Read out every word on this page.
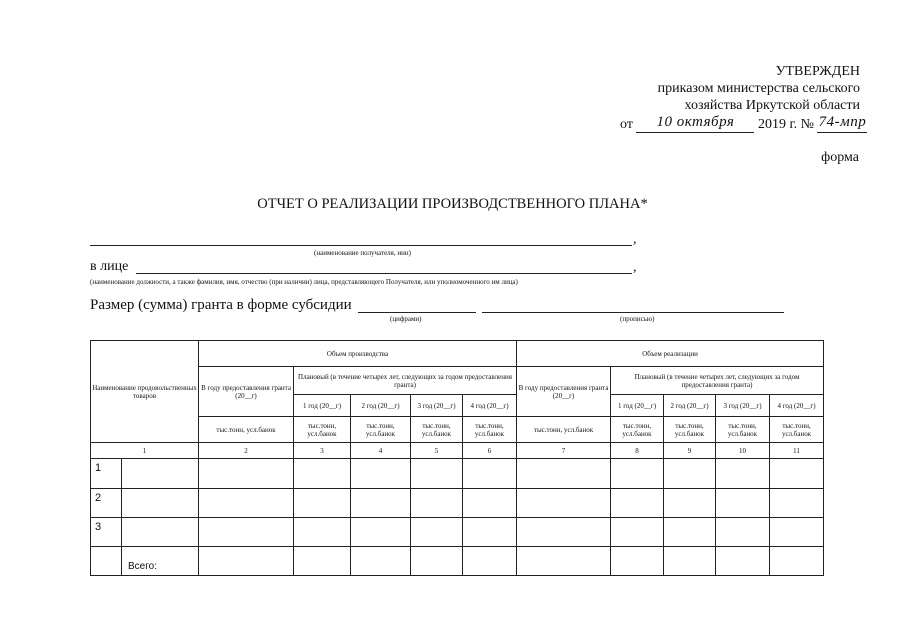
УТВЕРЖДЕН
приказом министерства сельского
хозяйства Иркутской области
от 10 октября 2019 г. № 74-мпр
форма
ОТЧЕТ О РЕАЛИЗАЦИИ ПРОИЗВОДСТВЕННОГО ПЛАНА*
,
(наименование получателя, инн)
в лице	,
(наименование должности, а также фамилия, имя, отчество (при наличии) лица, представляющего Получателя, или уполномоченного им лица)
Размер (сумма) гранта в форме субсидии
(цифрами)	(прописью)
Наименование продовольственных товаров		Объем производства					Объем реализации				
		В году предоставления гранта (20__г)	Плановый (в течение четырех лет, следующих за годом предоставления гранта)				В году предоставления гранта (20__г)	Плановый (в течение четырех лет, следующих за годом предоставления гранта)			
			1 год (20__г)	2 год (20__г)	3 год (20__г)	4 год (20__г)		1 год (20__г)	2 год (20__г)	3 год (20__г)	4 год (20__г)
		тыс.тонн, усл.банок	тыс.тонн, усл.банок	тыс.тонн, усл.банок	тыс.тонн, усл.банок	тыс.тонн, усл.банок	тыс.тонн, усл.банок	тыс.тонн, усл.банок	тыс.тонн, усл.банок	тыс.тонн, усл.банок	тыс.тонн, усл.банок
1		2	3	4	5	6	7	8	9	10	11
1											
2											
3											
	Всего:										
